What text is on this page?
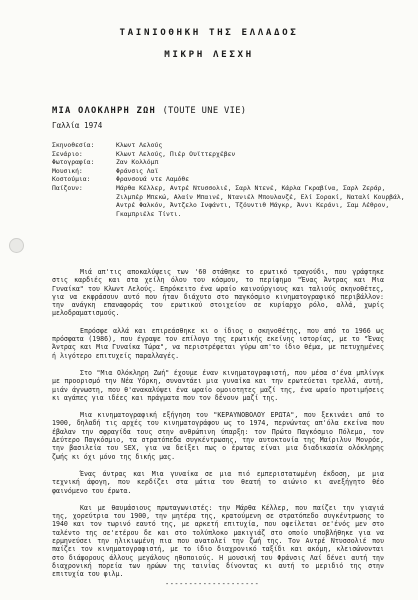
ΤΑΙΝΙΟΘΗΚΗ ΤΗΣ ΕΛΛΑΔΟΣ
ΜΙΚΡΗ ΛΕΣΧΗ
ΜΙΑ ΟΛΟΚΛΗΡΗ ΖΩΗ (TOUTE UNE VIE)
Γαλλία 1974
Σκηνοθεσία:	Κλωντ Λελούς
Σενάριο:	Κλωντ Λελούς, Πιέρ Ουϊττερχέβεν
Φωτογραφία:	Ζαν Κολλόμπ
Μουσική:	Φράνσις Λαϊ
Κοστούμια:	Φρανσουά ντε Λαμόθε
Παίζουν:	Μάρθα Κέλλερ, Αντρέ Ντυσσολιέ, Σαρλ Ντενέ, Κάρλα Γκραβίνα, Σαρλ Ζεράρ, Ζιλμπέρ Μπεκώ, Αλαίν Μπαινέ, Ντανιέλ Μπουλανζέ, Ελί Σορακί, Ναταλί Κουρβάλ, Αντρέ Φαλκόν, Άντζελο Ινφάντι, Τζόυντιθ Μάγκρ, Άννι Κεράνι, Σαμ Λέθρον, Γκαμπριέλε Τίντι.

Μιά απ'τις αποκαλύψεις των '60 στάθηκε το ερωτικό τραγούδι, που γράφτηκε στις καρδιές και στα χείλη όλου του κόσμου, το περίφημο "Ένας Άντρας και Μια Γυναίκα" του Κλωντ Λελούς. Επρόκειτο ένα ωραίο καινούργιους και ταλιούς σκηνοθέτες, για να εκφράσουν αυτό που ήταν διάχυτο στο παγκόσμιο κινηματογραφικό περιβάλλον: την ανάγκη επαναφοράς του ερωτικού στοιχείου σε κυρίαρχο ρόλο, αλλά, χωρίς μελοδραματισμούς.

Επρόσφε αλλά και επιρεάσθηκε κι ο ίδιος ο σκηνοθέτης, που από το 1966 ως πρόσφατα (1986), που έγραψε τον επίλογο της ερωτικής εκείνης ιστορίας, με το "Ένας Άντρας και Μια Γυναίκα Τώρα", να περιστρέφεται γύρω απ'το ίδιο θέμα, με πετυχημένες ή λιγότερο επιτυχείς παραλλαγές.

Στο "Μια Ολόκληρη Ζωή" έχουμε έναν κινηματογραφιστή, που μέσα σ'ένα μπλίνγκ με προορισμό την Νέα Υόρκη, συναντάει μια γυναίκα και την ερωτεύεται τρελλά, αυτή, μιάν άγνωστη, που θ'ανακαλύψει ένα ωραίο ομοιοτητες μαζί της, ένα ωραίο προτιμήσεις κι αγάπες για ιδέες και πράγματα που τον δένουν μαζί της.

Μια κινηματογραφική εξήγηση του "ΚΕΡΑΥΝΟΒΟΛΟΥ ΕΡΩΤΑ", που ξεκινάει από το 1900, δηλαδή τις αρχές του κινηματογράφου ως το 1974, περνώντας απ'όλα εκείνα που έβαλαν την σφραγίδα τους στην ανθρώπινη ύπαρξη: τον Πρώτο Παγκόσμιο Πόλεμο, τον Δεύτερο Παγκόσμιο, τα στρατόπεδα συγκέντρωσης, την αυτοκτονία της Μαίριλυν Μονρόε, την βασιλεία του SEX, για να δείξει πως ο έρωτας είναι μια διαδικασία ολόκληρης ζωής κι όχι μόνο της δικής μας.

Ένας άντρας και Μια γυναίκα σε μια πιό εμπεριστατωμένη έκδοση, με μια τεχνική άφογη, που κερδίζει στα μάτια του θεατή το αιώνιο κι ανεξήγητο θέο φαινόμενο του έρωτα.

Και με θαυμάσιους πρωταγωνιστές: την Μάρθα Κέλλερ, που παίζει την γιαγιά της, χορεύτρια του 1900, την μητέρα της, κρατούμενη σε στρατόπεδο συγκέντρωσης το 1940 και τον τωρινό εαυτό της, με αρκετή επιτυχία, που οφείλεται σε'ένός μεν στο ταλέντο της σε'ετέρου δε και στο τολύπλοκο μακιγιάζ στο οποίο υποβλήθηκε για να ερμηνεύσει την ηλικιωμένη πια που ανατολεί την ζωή της. Τον Αντρέ Ντυσσολιέ που παίζει τον κινηματογραφιστή, με το ίδιο διαχρονικό ταξίδι και ακόμη, κλεισώνονται στο διάφορους άλλους μεγάλους ηθοποιούς. Η μουσική του Φράνσις Λαί δένει αυτή την διαχρονική πορεία των ηρώων της ταινίας δίνοντας κι αυτή το μεριδιό της στην επιτυχία του φιλμ.

--------------------
